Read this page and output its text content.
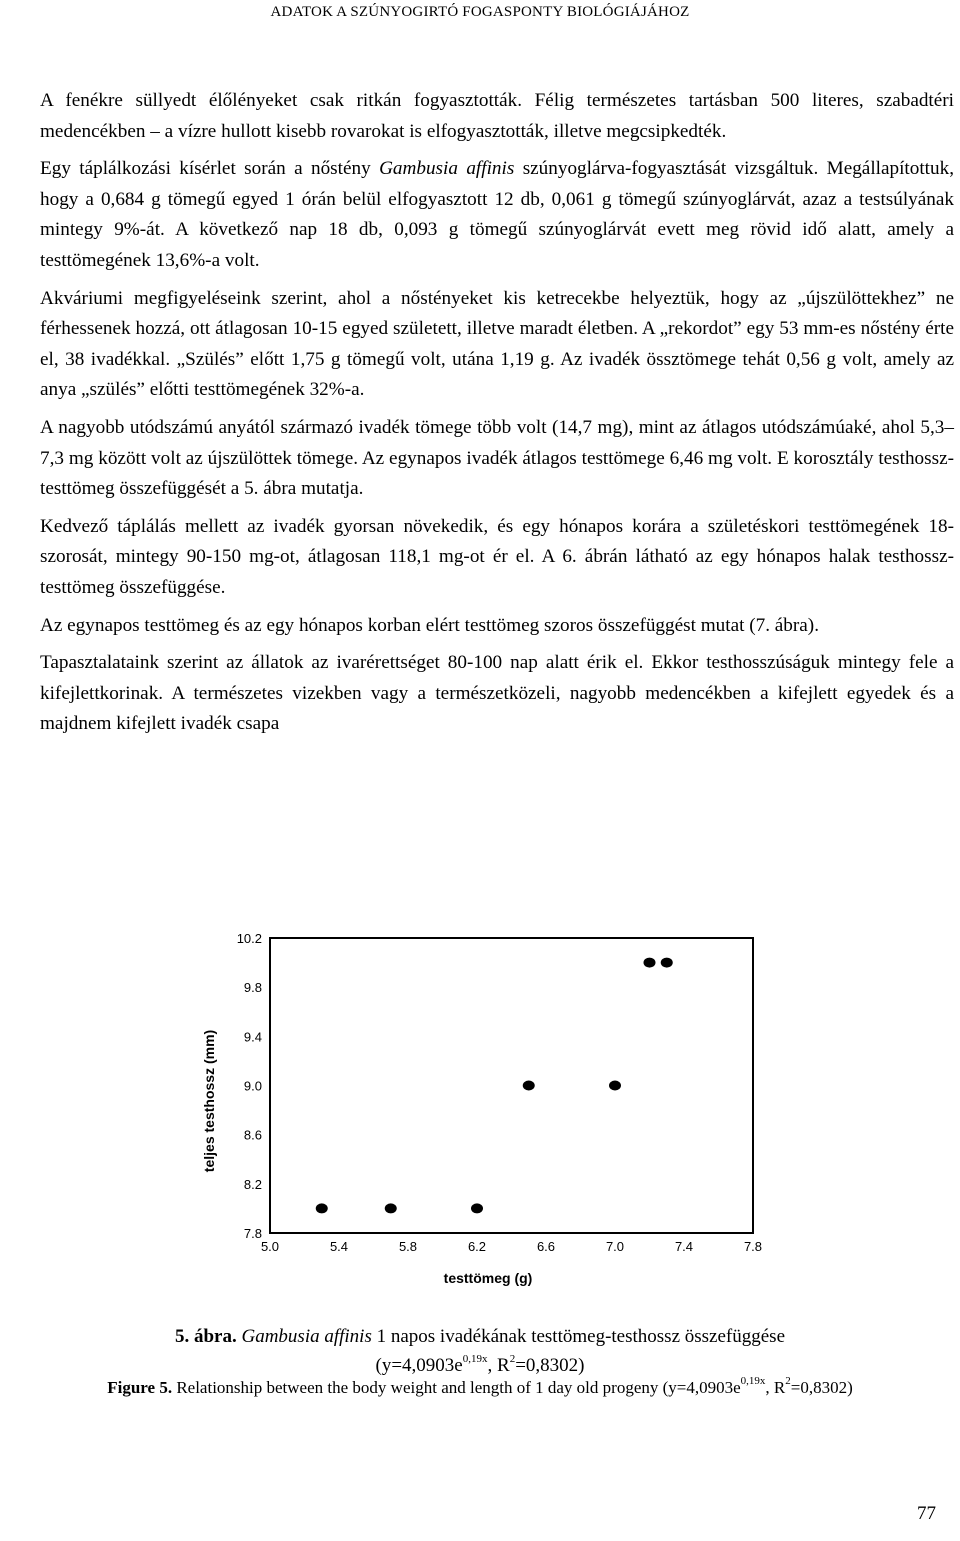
ADATOK A SZÚNYOGIRTÓ FOGASPONTY BIOLÓGIÁJÁHOZ

A fenékre süllyedt élőlényeket csak ritkán fogyasztották. Félig természetes tartásban 500 literes, szabadtéri medencékben – a vízre hullott kisebb rovarokat is elfogyasztották, illetve megcsipkedték.

Egy táplálkozási kísérlet során a nőstény Gambusia affinis szúnyoglárva-fogyasztását vizsgáltuk. Megállapítottuk, hogy a 0,684 g tömegű egyed 1 órán belül elfogyasztott 12 db, 0,061 g tömegű szúnyoglárvát, azaz a testsúlyának mintegy 9%-át. A következő nap 18 db, 0,093 g tömegű szúnyoglárvát evett meg rövid idő alatt, amely a testtömegének 13,6%-a volt.

Akváriumi megfigyeléseink szerint, ahol a nőstényeket kis ketrecekbe helyeztük, hogy az „újszülöttekhez” ne férhessenek hozzá, ott átlagosan 10-15 egyed született, illetve maradt életben. A „rekordot” egy 53 mm-es nőstény érte el, 38 ivadékkal. „Szülés” előtt 1,75 g tömegű volt, utána 1,19 g. Az ivadék össztömege tehát 0,56 g volt, amely az anya „szülés” előtti testtömegének 32%-a.

A nagyobb utódszámú anyától származó ivadék tömege több volt (14,7 mg), mint az átlagos utódszámúaké, ahol 5,3–7,3 mg között volt az újszülöttek tömege. Az egynapos ivadék átlagos testtömege 6,46 mg volt. E korosztály testhossz-testtömeg összefüggését a 5. ábra mutatja.

Kedvező táplálás mellett az ivadék gyorsan növekedik, és egy hónapos korára a születéskori testtömegének 18-szorosát, mintegy 90-150 mg-ot, átlagosan 118,1 mg-ot ér el. A 6. ábrán látható az egy hónapos halak testhossz-testtömeg összefüggése.

Az egynapos testtömeg és az egy hónapos korban elért testtömeg szoros összefüggést mutat (7. ábra).

Tapasztalataink szerint az állatok az ivarérettséget 80-100 nap alatt érik el. Ekkor testhosszúságuk mintegy fele a kifejlettkorinak. A természetes vizekben vagy a természetközeli, nagyobb medencékben a kifejlett egyedek és a majdnem kifejlett ivadék csapa

7.8
8.2
8.6
9.0
9.4
9.8
10.2
5.0	5.4	5.8	6.2	6.6	7.0	7.4	7.8
testtömeg (g)
teljes testhossz (mm)
5. ábra. Gambusia affinis 1 napos ivadékának testtömeg-testhossz összefüggése
($y=4,0903e^{0,19x}$, $R^2=0,8302$)
Figure 5. Relationship between the body weight and length of 1 day old progeny ($y=4,0903e^{0,19x}$, $R^2=0,8302$)
77
